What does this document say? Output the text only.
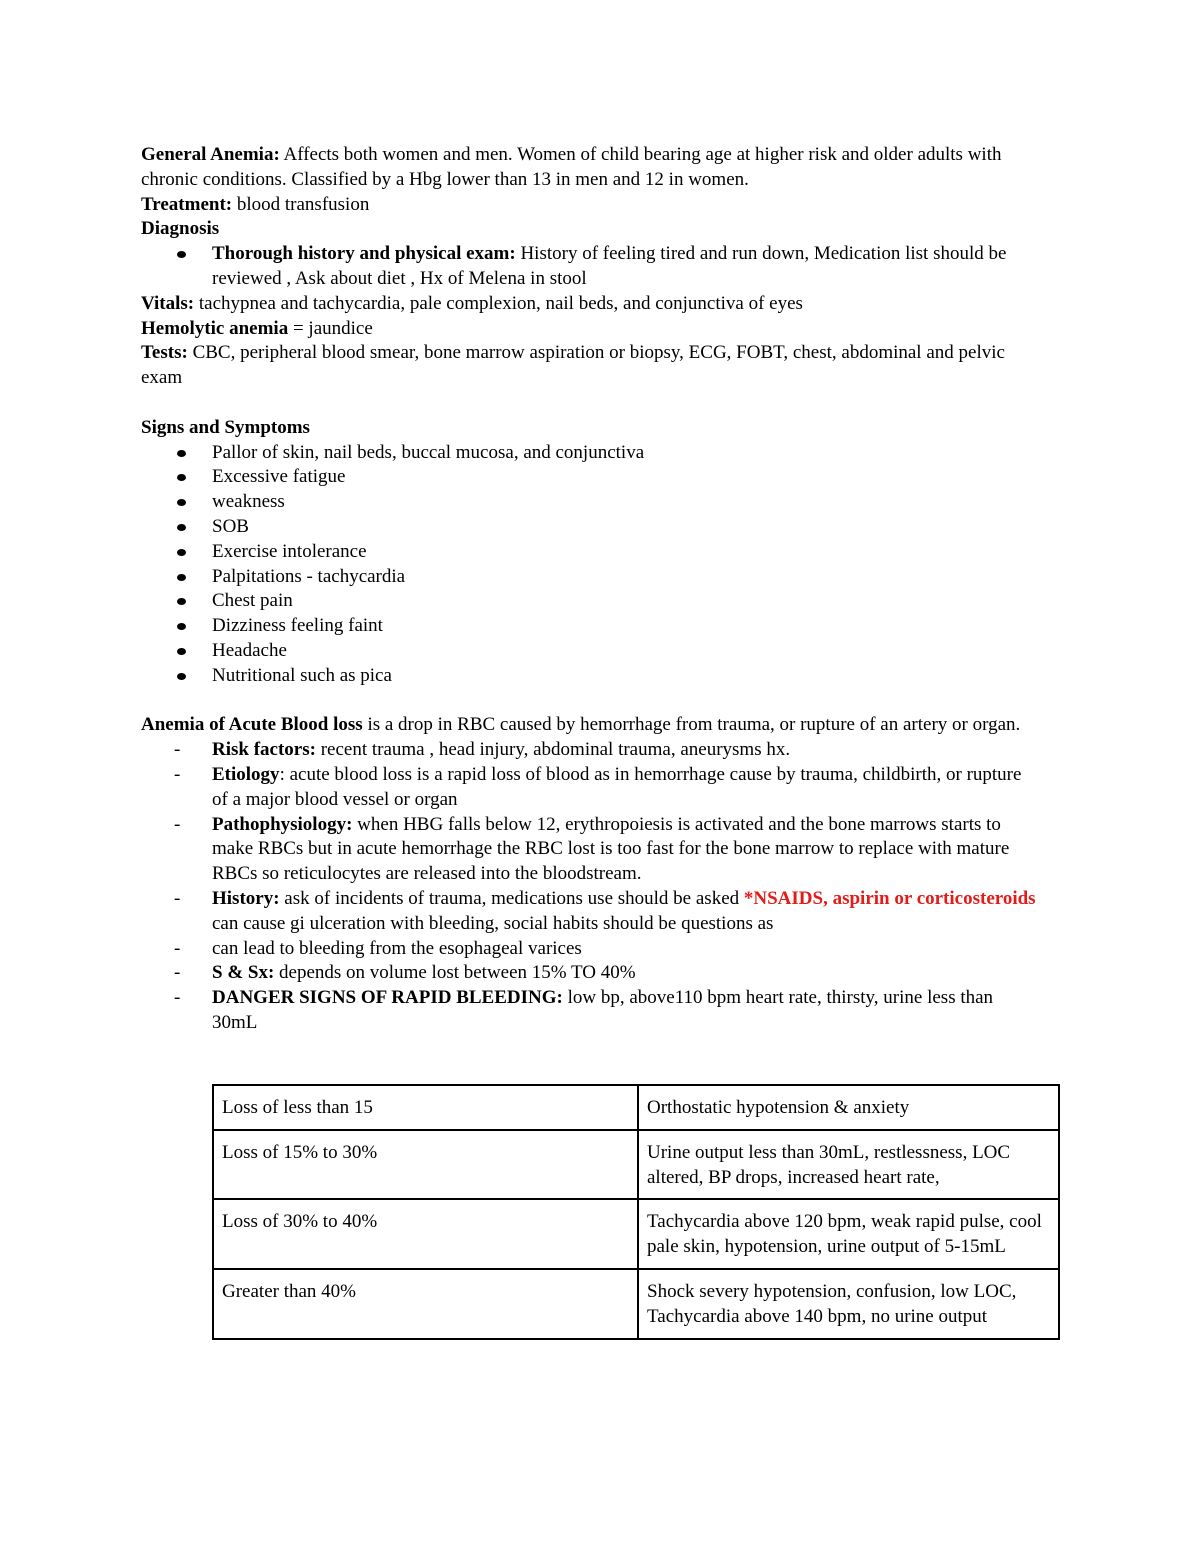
General Anemia: Affects both women and men. Women of child bearing age at higher risk and older adults with chronic conditions. Classified by a Hbg lower than 13 in men and 12 in women.

Treatment: blood transfusion

Diagnosis

Thorough history and physical exam: History of feeling tired and run down, Medication list should be reviewed , Ask about diet , Hx of Melena in stool

Vitals: tachypnea and tachycardia, pale complexion, nail beds, and conjunctiva of eyes

Hemolytic anemia = jaundice

Tests: CBC, peripheral blood smear, bone marrow aspiration or biopsy, ECG, FOBT, chest, abdominal and pelvic exam

Signs and Symptoms

Pallor of skin, nail beds, buccal mucosa, and conjunctiva
Excessive fatigue
weakness
SOB
Exercise intolerance
Palpitations - tachycardia
Chest pain
Dizziness feeling faint
Headache
Nutritional such as pica

Anemia of Acute Blood loss is a drop in RBC caused by hemorrhage from trauma, or rupture of an artery or organ.

- Risk factors: recent trauma , head injury, abdominal trauma, aneurysms hx.
- Etiology: acute blood loss is a rapid loss of blood as in hemorrhage cause by trauma, childbirth, or rupture of a major blood vessel or organ
- Pathophysiology: when HBG falls below 12, erythropoiesis is activated and the bone marrows starts to make RBCs but in acute hemorrhage the RBC lost is too fast for the bone marrow to replace with mature RBCs so reticulocytes are released into the bloodstream.
- History: ask of incidents of trauma, medications use should be asked *NSAIDS, aspirin or corticosteroids can cause gi ulceration with bleeding, social habits should be questions as
- can lead to bleeding from the esophageal varices
- S & Sx: depends on volume lost between 15% TO 40%
- DANGER SIGNS OF RAPID BLEEDING: low bp, above110 bpm heart rate, thirsty, urine less than 30mL
Loss of less than 15	Orthostatic hypotension & anxiety
Loss of 15% to 30%	Urine output less than 30mL, restlessness, LOC altered, BP drops, increased heart rate,
Loss of 30% to 40%	Tachycardia above 120 bpm, weak rapid pulse, cool pale skin, hypotension, urine output of 5-15mL
Greater than 40%	Shock severy hypotension, confusion, low LOC, Tachycardia above 140 bpm, no urine output
